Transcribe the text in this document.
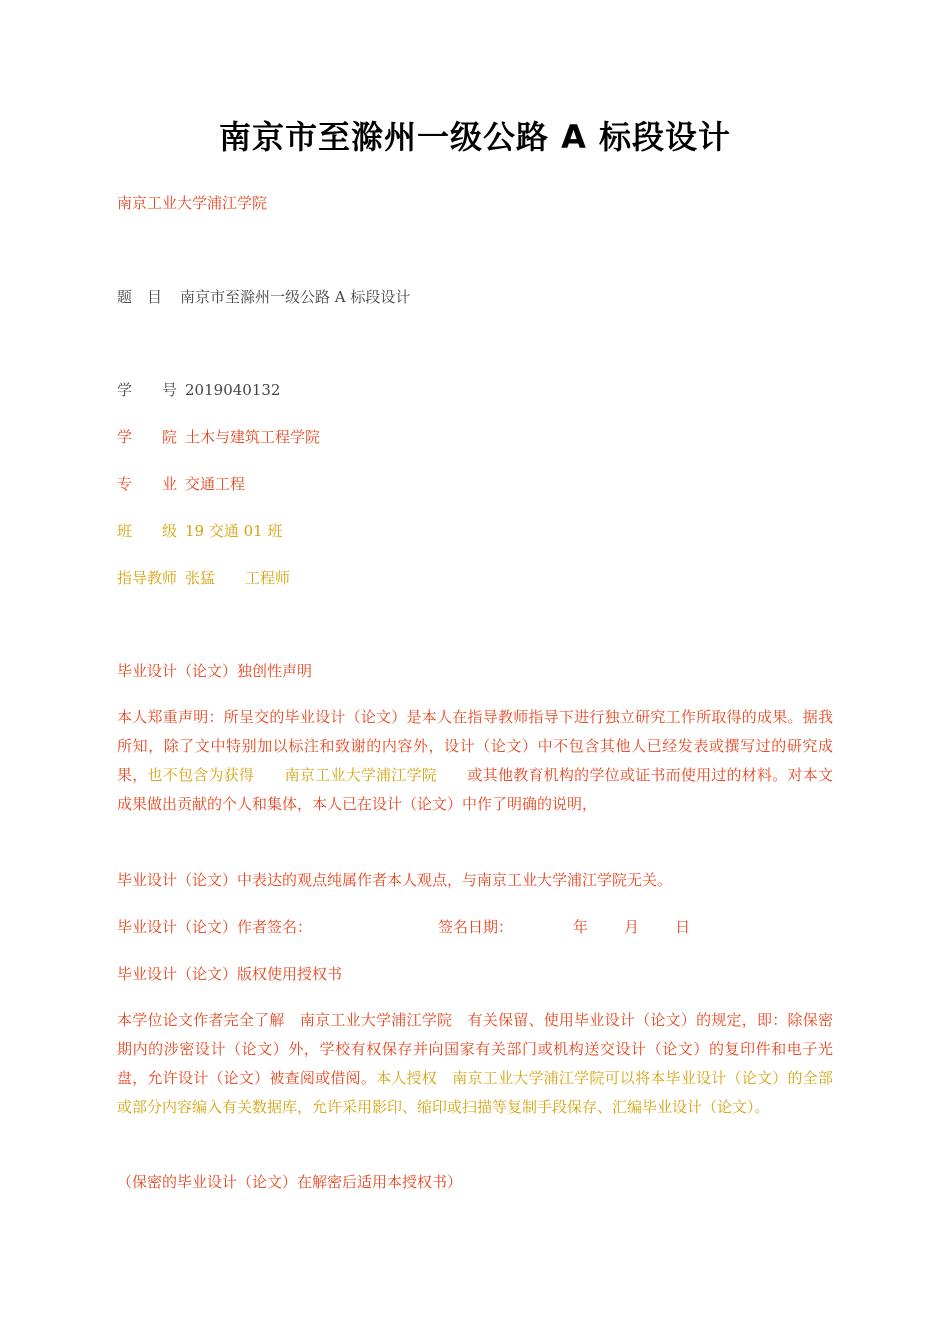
南京市至滁州一级公路 A 标段设计
南京工业大学浦江学院
题　目 南京市至滁州一级公路 A 标段设计
学　　号 2019040132
学　　院 土木与建筑工程学院
专　　业 交通工程
班　　级 19 交通 01 班
指导教师 张猛　　工程师
毕业设计（论文）独创性声明
本人郑重声明：所呈交的毕业设计（论文）是本人在指导教师指导下进行独立研究工作所取得的成果。据我所知，除了文中特别加以标注和致谢的内容外，设计（论文）中不包含其他人已经发表或撰写过的研究成果，也不包含为获得　　南京工业大学浦江学院　　或其他教育机构的学位或证书而使用过的材料。对本文成果做出贡献的个人和集体，本人已在设计（论文）中作了明确的说明，
毕业设计（论文）中表达的观点纯属作者本人观点，与南京工业大学浦江学院无关。
毕业设计（论文）作者签名：	签名日期：	年 月 日
毕业设计（论文）版权使用授权书
本学位论文作者完全了解　南京工业大学浦江学院　有关保留、使用毕业设计（论文）的规定，即：除保密期内的涉密设计（论文）外，学校有权保存并向国家有关部门或机构送交设计（论文）的复印件和电子光盘，允许设计（论文）被查阅或借阅。本人授权　南京工业大学浦江学院可以将本毕业设计（论文）的全部或部分内容编入有关数据库，允许采用影印、缩印或扫描等复制手段保存、汇编毕业设计（论文）。
（保密的毕业设计（论文）在解密后适用本授权书）
